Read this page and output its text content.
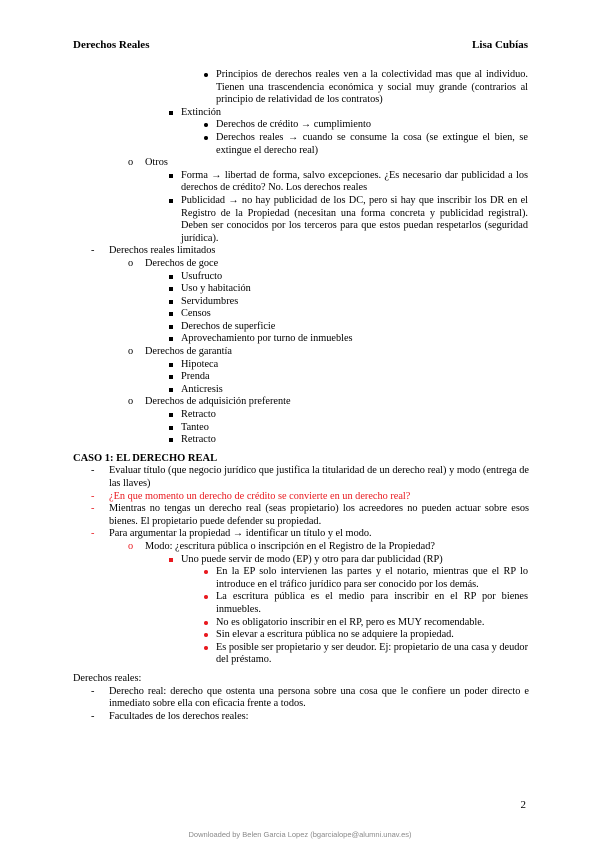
Derechos Reales	Lisa Cubías
Principios de derechos reales ven a la colectividad mas que al individuo. Tienen una trascendencia económica y social muy grande (contrarios al principio de relatividad de los contratos)
Extinción
Derechos de crédito → cumplimiento
Derechos reales → cuando se consume la cosa (se extingue el bien, se extingue el derecho real)
o Otros
Forma → libertad de forma, salvo excepciones. ¿Es necesario dar publicidad a los derechos de crédito? No. Los derechos reales
Publicidad → no hay publicidad de los DC, pero si hay que inscribir los DR en el Registro de la Propiedad (necesitan una forma concreta y publicidad registral). Deben ser conocidos por los terceros para que estos puedan respetarlos (seguridad jurídica).
- Derechos reales limitados
o Derechos de goce
Usufructo
Uso y habitación
Servidumbres
Censos
Derechos de superficie
Aprovechamiento por turno de inmuebles
o Derechos de garantía
Hipoteca
Prenda
Anticresis
o Derechos de adquisición preferente
Retracto
Tanteo
Retracto
CASO 1: EL DERECHO REAL
- Evaluar título (que negocio jurídico que justifica la titularidad de un derecho real) y modo (entrega de las llaves)
- ¿En que momento un derecho de crédito se convierte en un derecho real?
- Mientras no tengas un derecho real (seas propietario) los acreedores no pueden actuar sobre esos bienes. El propietario puede defender su propiedad.
- Para argumentar la propiedad → identificar un título y el modo.
o Modo: ¿escritura pública o inscripción en el Registro de la Propiedad?
Uno puede servir de modo (EP) y otro para dar publicidad (RP)
En la EP solo intervienen las partes y el notario, mientras que el RP lo introduce en el tráfico jurídico para ser conocido por los demás.
La escritura pública es el medio para inscribir en el RP por bienes inmuebles.
No es obligatorio inscribir en el RP, pero es MUY recomendable.
Sin elevar a escritura pública no se adquiere la propiedad.
Es posible ser propietario y ser deudor. Ej: propietario de una casa y deudor del préstamo.
Derechos reales:
- Derecho real: derecho que ostenta una persona sobre una cosa que le confiere un poder directo e inmediato sobre ella con eficacia frente a todos.
- Facultades de los derechos reales:
2
Downloaded by Belen Garcia Lopez (bgarcialope@alumni.unav.es)
